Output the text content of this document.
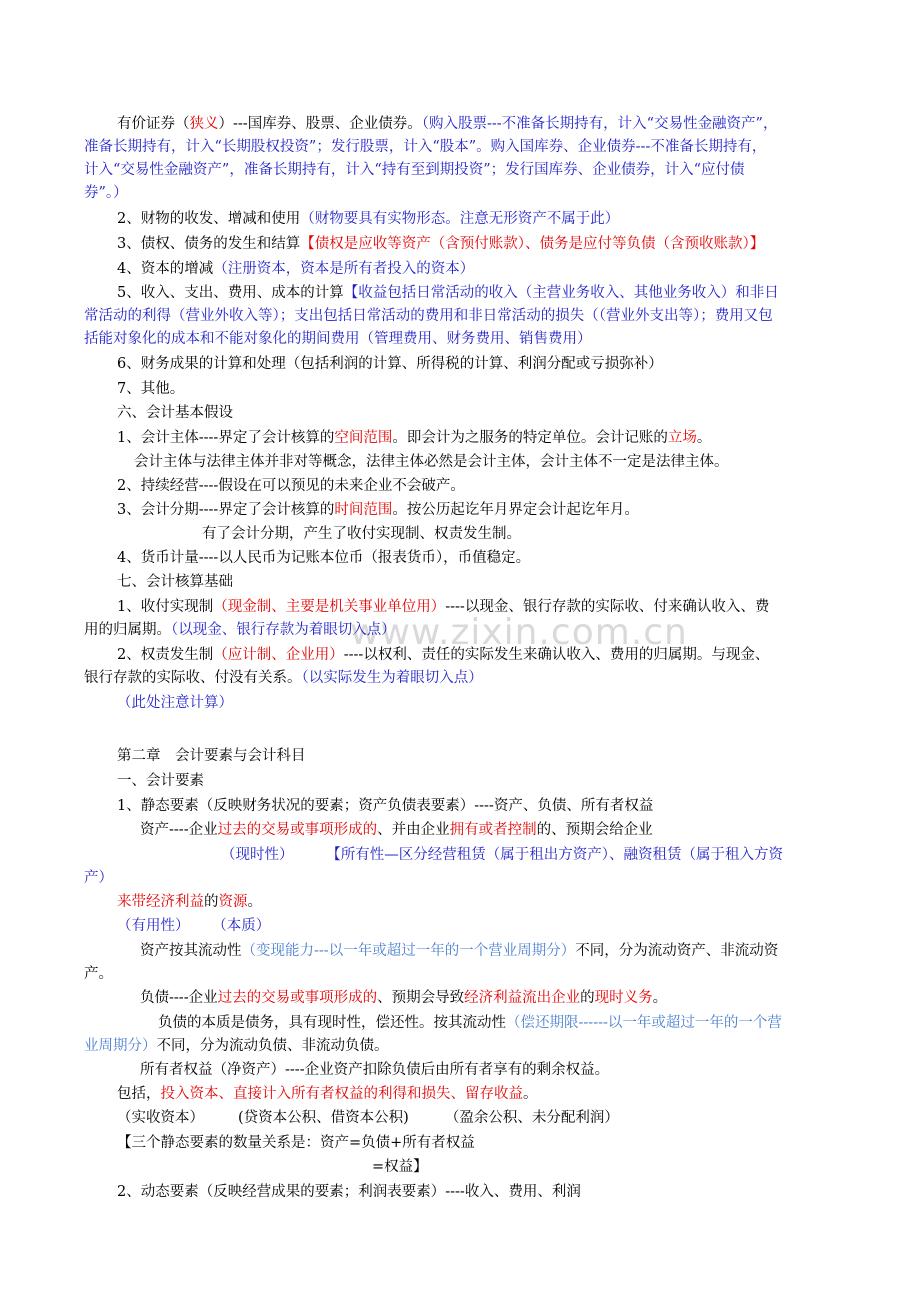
www.zixin.com.cn
有价证券（狭义）---国库券、股票、企业债券。（购入股票---不准备长期持有，计入“交易性金融资产”，
准备长期持有，计入“长期股权投资”；发行股票，计入“股本”。购入国库券、企业债券---不准备长期持有，
计入“交易性金融资产”，准备长期持有，计入“持有至到期投资”；发行国库券、企业债券，计入“应付债
券”。）
2、财物的收发、增减和使用（财物要具有实物形态。注意无形资产不属于此）
3、债权、债务的发生和结算【债权是应收等资产（含预付账款）、债务是应付等负债（含预收账款）】
4、资本的增减（注册资本，资本是所有者投入的资本）
5、收入、支出、费用、成本的计算【收益包括日常活动的收入（主营业务收入、其他业务收入）和非日
常活动的利得（营业外收入等）；支出包括日常活动的费用和非日常活动的损失（（营业外支出等）；费用又包
括能对象化的成本和不能对象化的期间费用（管理费用、财务费用、销售费用）
6、财务成果的计算和处理（包括利润的计算、所得税的计算、利润分配或亏损弥补）
7、其他。
六、会计基本假设
1、会计主体----界定了会计核算的空间范围。即会计为之服务的特定单位。会计记账的立场。
会计主体与法律主体并非对等概念，法律主体必然是会计主体，会计主体不一定是法律主体。
2、持续经营----假设在可以预见的未来企业不会破产。
3、会计分期----界定了会计核算的时间范围。按公历起讫年月界定会计起讫年月。
有了会计分期，产生了收付实现制、权责发生制。
4、货币计量----以人民币为记账本位币（报表货币），币值稳定。
七、会计核算基础
1、收付实现制（现金制、主要是机关事业单位用）----以现金、银行存款的实际收、付来确认收入、费
用的归属期。（以现金、银行存款为着眼切入点）
2、权责发生制（应计制、企业用）----以权利、责任的实际发生来确认收入、费用的归属期。与现金、
银行存款的实际收、付没有关系。（以实际发生为着眼切入点）
（此处注意计算）
第二章　会计要素与会计科目
一、会计要素
1、静态要素（反映财务状况的要素；资产负债表要素）----资产、负债、所有者权益
资产----企业过去的交易或事项形成的、并由企业拥有或者控制的、预期会给企业
（现时性）	【所有性—区分经营租赁（属于租出方资产）、融资租赁（属于租入方资
产）
来带经济利益的资源。
（有用性） （本质）
资产按其流动性（变现能力---以一年或超过一年的一个营业周期分）不同，分为流动资产、非流动资
产。
负债----企业过去的交易或事项形成的、预期会导致经济利益流出企业的现时义务。
负债的本质是债务，具有现时性，偿还性。按其流动性（偿还期限------以一年或超过一年的一个营
业周期分）不同，分为流动负债、非流动负债。
所有者权益（净资产）----企业资产扣除负债后由所有者享有的剩余权益。
包括，投入资本、直接计入所有者权益的利得和损失、留存收益。
（实收资本） (贷资本公积、借资本公积) （盈余公积、未分配利润）
【三个静态要素的数量关系是：资产=负债+所有者权益
=权益】
2、动态要素（反映经营成果的要素；利润表要素）----收入、费用、利润
